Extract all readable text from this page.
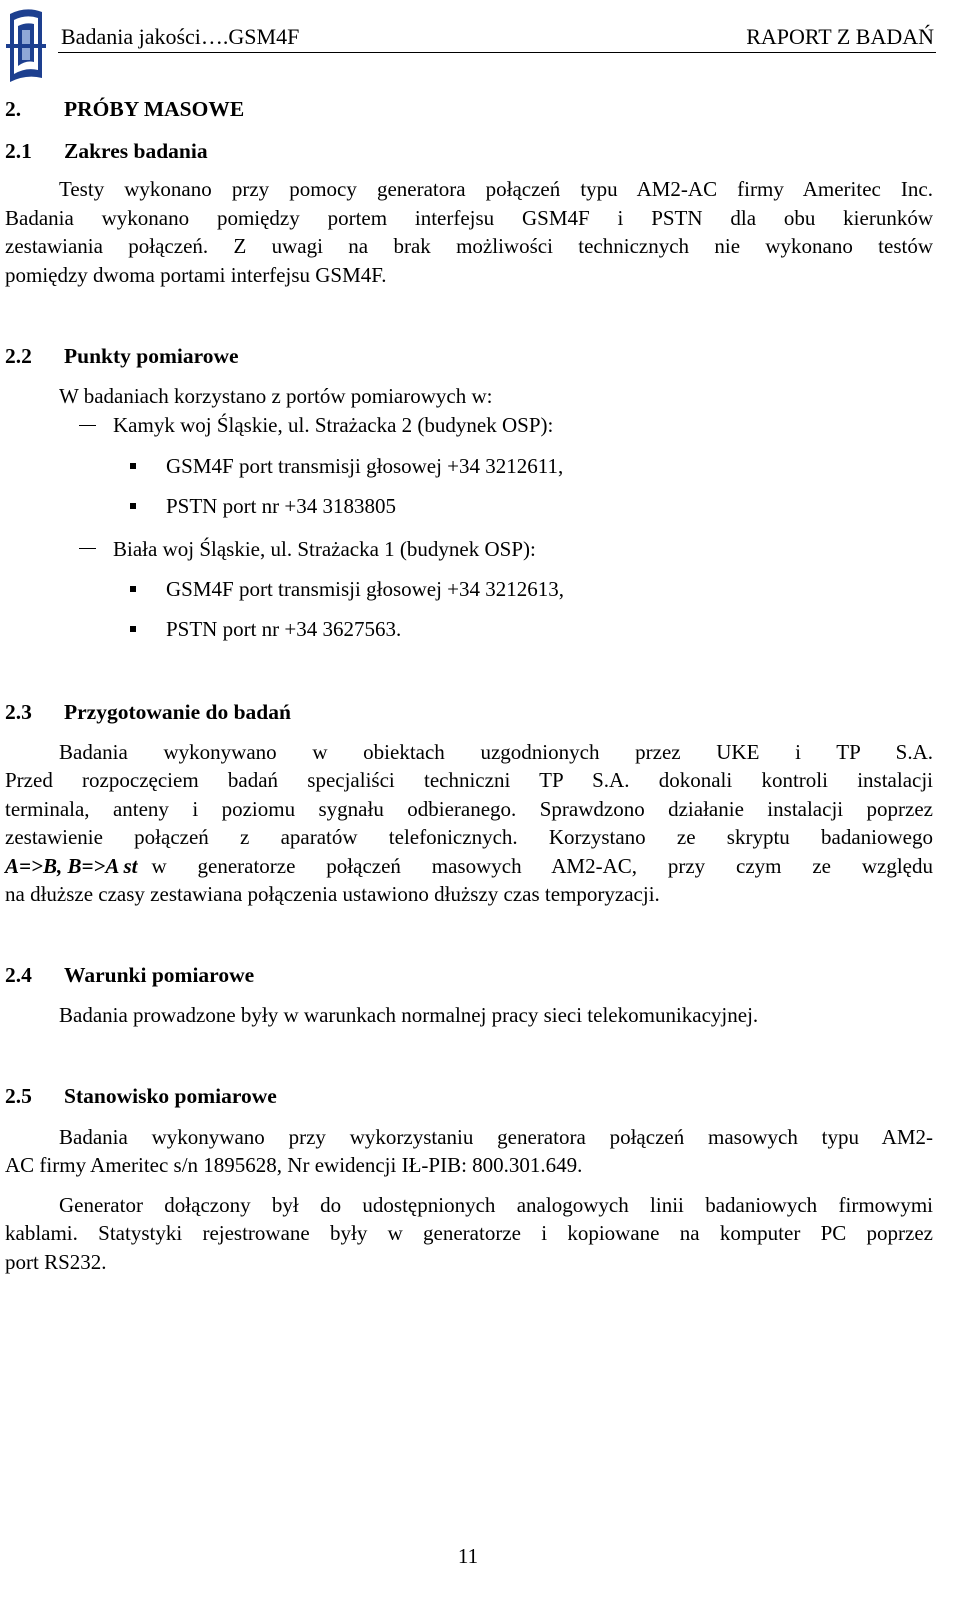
Badania jakości….GSM4F	RAPORT Z BADAŃ
2. PRÓBY MASOWE
2.1 Zakres badania
Testy wykonano przy pomocy generatora połączeń typu AM2-AC firmy Ameritec Inc.
Badania wykonano pomiędzy portem interfejsu GSM4F i PSTN dla obu kierunków
zestawiania połączeń. Z uwagi na brak możliwości technicznych nie wykonano testów
pomiędzy dwoma portami interfejsu GSM4F.
2.2 Punkty pomiarowe
W badaniach korzystano z portów pomiarowych w:
Kamyk woj Śląskie, ul. Strażacka 2 (budynek OSP):
GSM4F port transmisji głosowej +34 3212611,
PSTN port nr +34 3183805
Biała woj Śląskie, ul. Strażacka 1 (budynek OSP):
GSM4F port transmisji głosowej +34 3212613,
PSTN port nr +34 3627563.
2.3 Przygotowanie do badań
Badania wykonywano w obiektach uzgodnionych przez UKE i TP S.A.
Przed rozpoczęciem badań specjaliści techniczni TP S.A. dokonali kontroli instalacji
terminala, anteny i poziomu sygnału odbieranego. Sprawdzono działanie instalacji poprzez
zestawienie połączeń z aparatów telefonicznych. Korzystano ze skryptu badaniowego
A=>B, B=>A st w generatorze połączeń masowych AM2-AC, przy czym ze względu
na dłuższe czasy zestawiana połączenia ustawiono dłuższy czas temporyzacji.
2.4 Warunki pomiarowe
Badania prowadzone były w warunkach normalnej pracy sieci telekomunikacyjnej.
2.5 Stanowisko pomiarowe
Badania wykonywano przy wykorzystaniu generatora połączeń masowych typu AM2-
AC firmy Ameritec s/n 1895628, Nr ewidencji IŁ-PIB: 800.301.649.
Generator dołączony był do udostępnionych analogowych linii badaniowych firmowymi
kablami. Statystyki rejestrowane były w generatorze i kopiowane na komputer PC poprzez
port RS232.
11
